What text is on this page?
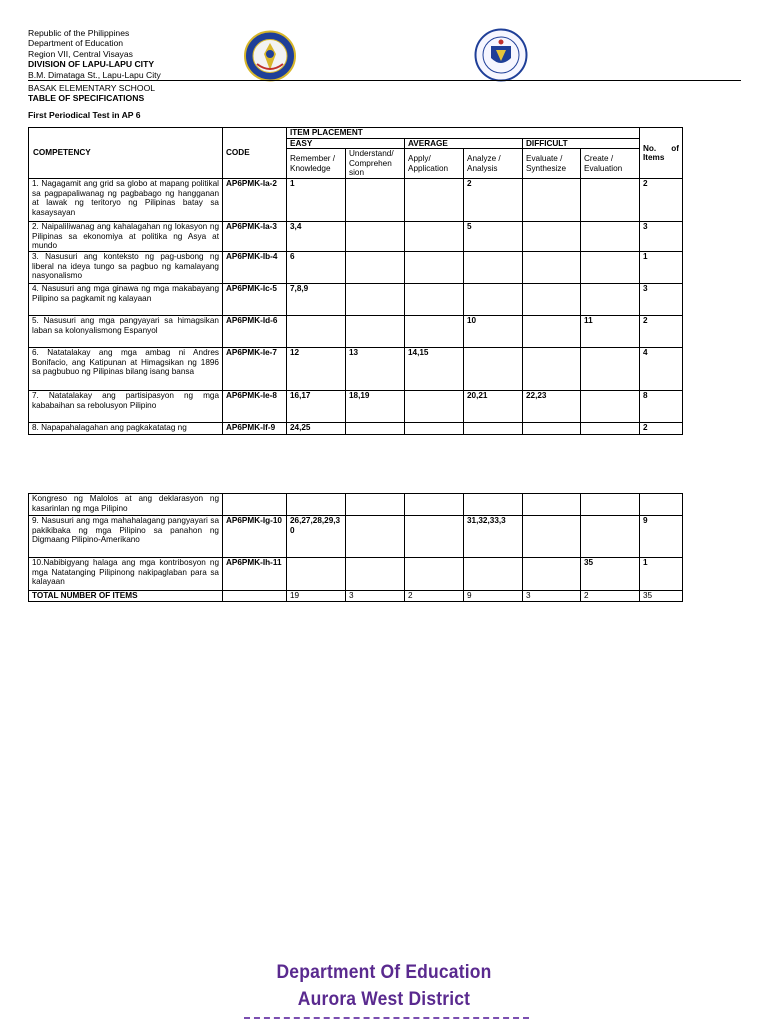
Republic of the Philippines
Department of Education
Region VII, Central Visayas
DIVISION OF LAPU-LAPU CITY
B.M. Dimataga St., Lapu-Lapu City
BASAK ELEMENTARY SCHOOL
TABLE OF SPECIFICATIONS
First Periodical Test in AP 6
COMPETENCY	CODE	ITEM PLACEMENT						No. of Items
		EASY		AVERAGE		DIFFICULT		
		Remember / Knowledge	Understand/ Comprehen sion	Apply/ Application	Analyze / Analysis	Evaluate / Synthesize	Create / Evaluation	
1. Nagagamit ang grid sa globo at mapang politikal sa pagpapaliwanag ng pagbabago ng hangganan at lawak ng teritoryo ng Pilipinas batay sa kasaysayan	AP6PMK-Ia-2	1			2			2
2. Naipaliliwanag ang kahalagahan ng lokasyon ng Pilipinas sa ekonomiya at politika ng Asya at mundo	AP6PMK-Ia-3	3,4			5			3
3. Nasusuri ang konteksto ng pag-usbong ng liberal na ideya tungo sa pagbuo ng kamalayang nasyonalismo	AP6PMK-Ib-4	6						1
4. Nasusuri ang mga ginawa ng mga makabayang Pilipino sa pagkamit ng kalayaan	AP6PMK-Ic-5	7,8,9						3
5. Nasusuri ang mga pangyayari sa himagsikan laban sa kolonyalismong Espanyol	AP6PMK-Id-6				10		11	2
6. Natatalakay ang mga ambag ni Andres Bonifacio, ang Katipunan at Himagsikan ng 1896 sa pagbubuo ng Pilipinas bilang isang bansa	AP6PMK-Ie-7	12	13	14,15				4
7. Natatalakay ang partisipasyon ng mga kababaihan sa rebolusyon Pilipino	AP6PMK-Ie-8	16,17	18,19		20,21	22,23		8
8. Napapahalagahan ang pagkakatatag ng	AP6PMK-If-9	24,25						2
Kongreso ng Malolos at ang deklarasyon ng kasarinlan ng mga Pilipino								
9. Nasusuri ang mga mahahalagang pangyayari sa pakikibaka ng mga Pilipino sa panahon ng Digmaang Pilipino-Amerikano	AP6PMK-Ig-10	26,27,28,29,30			31,32,33,3			9
10.Nabibigyang halaga ang mga kontribosyon ng mga Natatanging Pilipinong nakipaglaban para sa kalayaan	AP6PMK-Ih-11						35	1
TOTAL NUMBER OF ITEMS		19	3	2	9	3	2	35
Department Of Education
Aurora West District
